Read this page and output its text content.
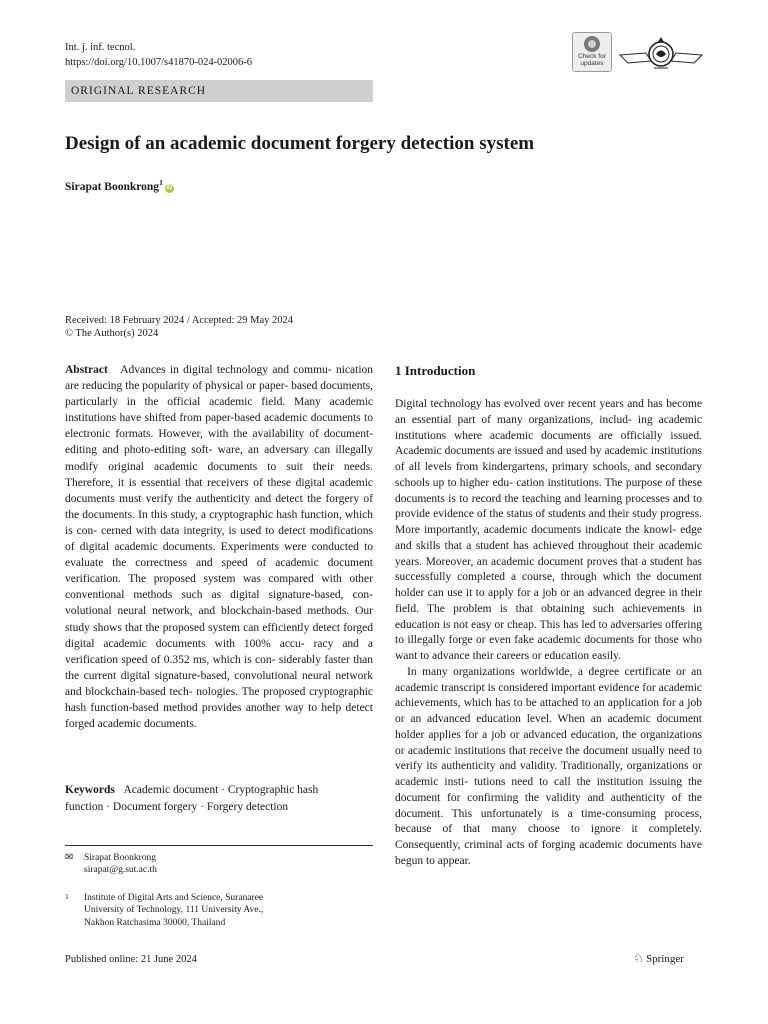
Int. j. inf. tecnol.
https://doi.org/10.1007/s41870-024-02006-6
Check for
updates
ORIGINAL RESEARCH
Design of an academic document forgery detection system
Sirapat Boonkrong$^1$iD
Received: 18 February 2024 / Accepted: 29 May 2024
© The Author(s) 2024
Abstract Advances in digital technology and commu- nication are reducing the popularity of physical or paper- based documents, particularly in the official academic field. Many academic institutions have shifted from paper-based academic documents to electronic formats. However, with the availability of document-editing and photo-editing soft- ware, an adversary can illegally modify original academic documents to suit their needs. Therefore, it is essential that receivers of these digital academic documents must verify the authenticity and detect the forgery of the documents. In this study, a cryptographic hash function, which is con- cerned with data integrity, is used to detect modifications of digital academic documents. Experiments were conducted to evaluate the correctness and speed of academic document verification. The proposed system was compared with other conventional methods such as digital signature-based, con- volutional neural network, and blockchain-based methods. Our study shows that the proposed system can efficiently detect forged digital academic documents with 100% accu- racy and a verification speed of 0.352 ms, which is con- siderably faster than the current digital signature-based, convolutional neural network and blockchain-based tech- nologies. The proposed cryptographic hash function-based method provides another way to help detect forged academic documents.
Keywords Academic document · Cryptographic hash
function · Document forgery · Forgery detection
✉	Sirapat Boonkrong
sirapat@g.sut.ac.th
1 Institute of Digital Arts and Science, Suranaree
University of Technology, 111 University Ave.,
Nakhon Ratchasima 30000, Thailand
Published online: 21 June 2024	♘ Springer
1 Introduction

Digital technology has evolved over recent years and has become an essential part of many organizations, includ- ing academic institutions where academic documents are officially issued. Academic documents are issued and used by academic institutions of all levels from kindergartens, primary schools, and secondary schools up to higher edu- cation institutions. The purpose of these documents is to record the teaching and learning processes and to provide evidence of the status of students and their study progress. More importantly, academic documents indicate the knowl- edge and skills that a student has achieved throughout their academic years. Moreover, an academic document proves that a student has successfully completed a course, through which the document holder can use it to apply for a job or an advanced degree in their field. The problem is that obtaining such achievements in education is not easy or cheap. This has led to adversaries offering to illegally forge or even fake academic documents for those who want to advance their careers or education easily.

In many organizations worldwide, a degree certificate or an academic transcript is considered important evidence for academic achievements, which has to be attached to an application for a job or an advanced education level. When an academic document holder applies for a job or advanced education, the organizations or academic institutions that receive the document usually need to verify its authenticity and validity. Traditionally, organizations or academic insti- tutions need to call the institution issuing the document for confirming the validity and authenticity of the document. This unfortunately is a time-consuming process, because of that many choose to ignore it completely. Consequently, criminal acts of forging academic documents have begun to appear.
